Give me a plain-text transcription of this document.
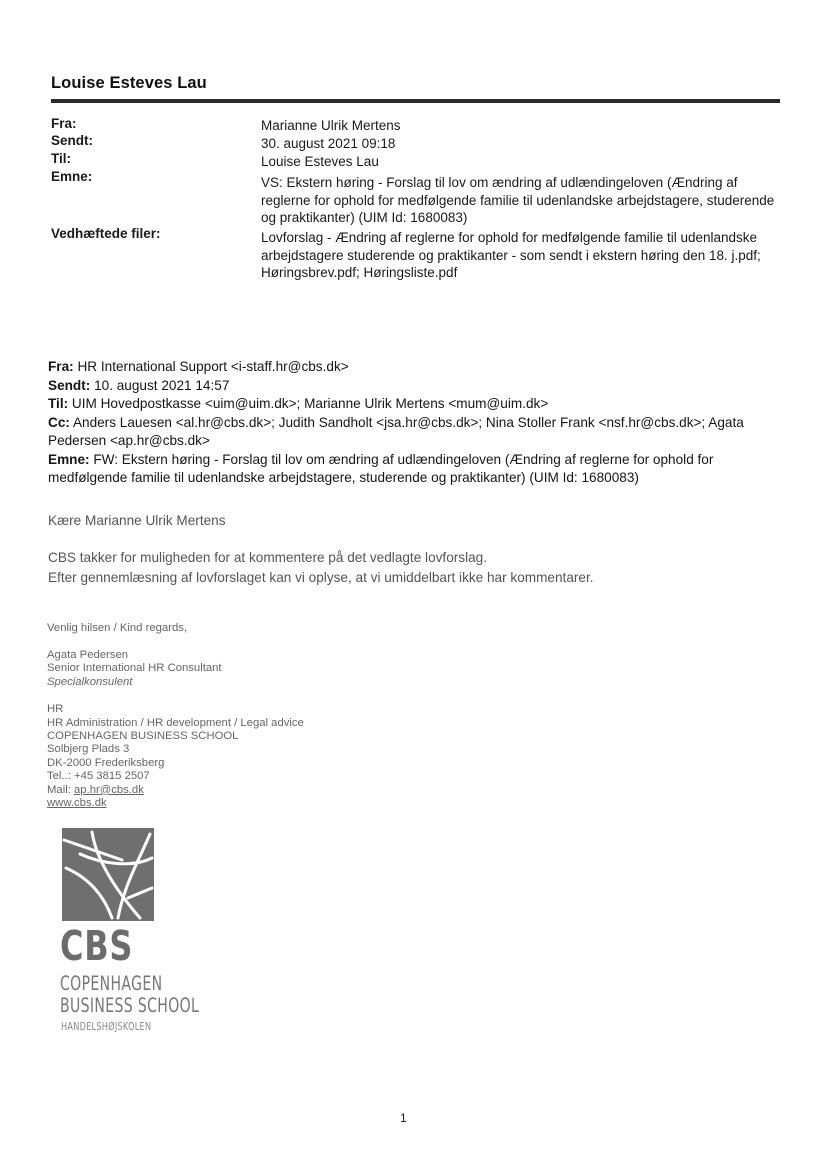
Louise Esteves Lau
Fra:
Sendt:
Til:
Emne:
Vedhæftede filer:
Marianne Ulrik Mertens
30. august 2021 09:18
Louise Esteves Lau
VS: Ekstern høring - Forslag til lov om ændring af udlændingeloven (Ændring af reglerne for ophold for medfølgende familie til udenlandske arbejdstagere, studerende og praktikanter) (UIM Id: 1680083)
Lovforslag - Ændring af reglerne for ophold for medfølgende familie til udenlandske arbejdstagere studerende og praktikanter - som sendt i ekstern høring den 18. j.pdf; Høringsbrev.pdf; Høringsliste.pdf
Fra: HR International Support <i-staff.hr@cbs.dk>
Sendt: 10. august 2021 14:57
Til: UIM Hovedpostkasse <uim@uim.dk>; Marianne Ulrik Mertens <mum@uim.dk>
Cc: Anders Lauesen <al.hr@cbs.dk>; Judith Sandholt <jsa.hr@cbs.dk>; Nina Stoller Frank <nsf.hr@cbs.dk>; Agata Pedersen <ap.hr@cbs.dk>
Emne: FW: Ekstern høring - Forslag til lov om ændring af udlændingeloven (Ændring af reglerne for ophold for medfølgende familie til udenlandske arbejdstagere, studerende og praktikanter) (UIM Id: 1680083)
Kære Marianne Ulrik Mertens
CBS takker for muligheden for at kommentere på det vedlagte lovforslag.
Efter gennemlæsning af lovforslaget kan vi oplyse, at vi umiddelbart ikke har kommentarer.
Venlig hilsen / Kind regards,
Agata Pedersen
Senior International HR Consultant
Specialkonsulent
HR
HR Administration / HR development / Legal advice
COPENHAGEN BUSINESS SCHOOL
Solbjerg Plads 3
DK-2000 Frederiksberg
Tel..: +45 3815 2507
Mail: ap.hr@cbs.dk
www.cbs.dk
CBS
COPENHAGEN
BUSINESS SCHOOL
HANDELSHØJSKOLEN
1
